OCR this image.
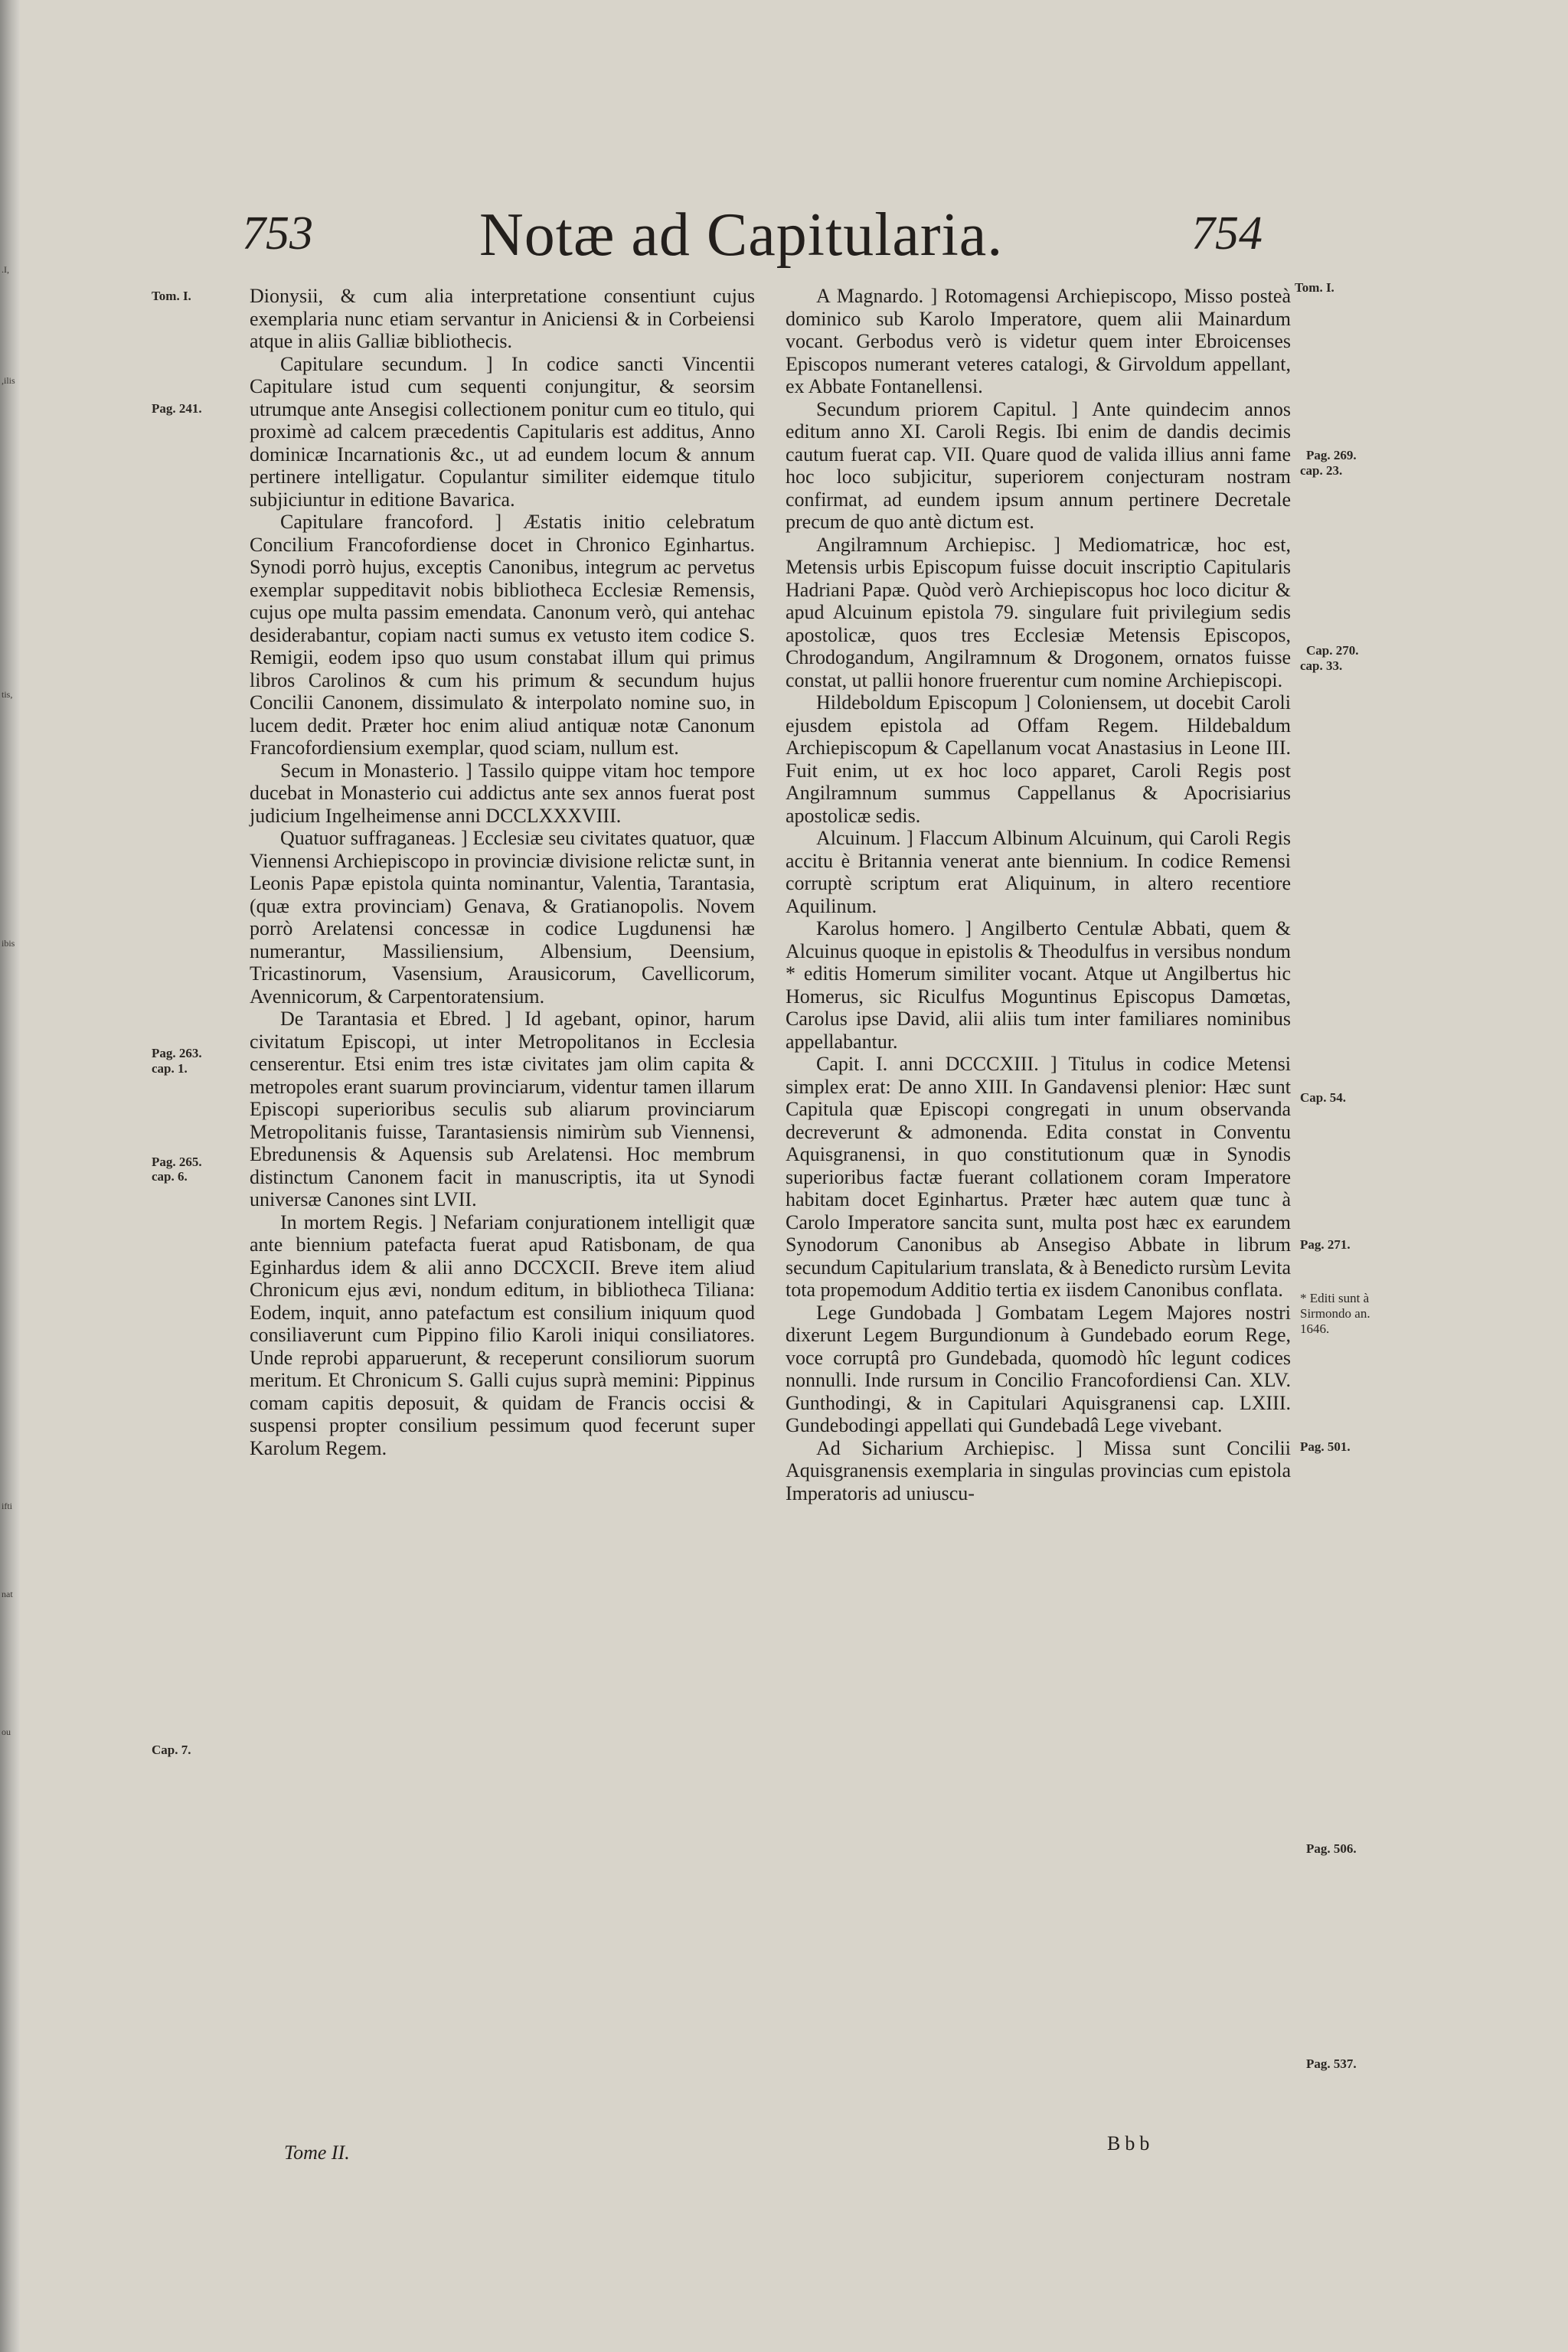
.I,
,ilis
tis,
ibis
ifti
nat
ou
753	Notæ ad Capitularia.	754
Tom. I.
Pag. 241.
Pag. 263.
cap. 1.
Pag. 265.
cap. 6.
Cap. 7.

Dionysii, & cum alia interpretatione consentiunt cujus exemplaria nunc etiam servantur in Aniciensi & in Corbeiensi atque in aliis Galliæ bibliothecis.

Capitulare secundum. ] In codice sancti Vincentii Capitulare istud cum sequenti conjungitur, & seorsim utrumque ante Ansegisi collectionem ponitur cum eo titulo, qui proximè ad calcem præcedentis Capitularis est additus, Anno dominicæ Incarnationis &c., ut ad eundem locum & annum pertinere intelligatur. Copulantur similiter eidemque titulo subjiciuntur in editione Bavarica.

Capitulare francoford. ] Æstatis initio celebratum Concilium Francofordiense docet in Chronico Eginhartus. Synodi porrò hujus, exceptis Canonibus, integrum ac pervetus exemplar suppeditavit nobis bibliotheca Ecclesiæ Remensis, cujus ope multa passim emendata. Canonum verò, qui antehac desiderabantur, copiam nacti sumus ex vetusto item codice S. Remigii, eodem ipso quo usum constabat illum qui primus libros Carolinos & cum his primum & secundum hujus Concilii Canonem, dissimulato & interpolato nomine suo, in lucem dedit. Præter hoc enim aliud antiquæ notæ Canonum Francofordiensium exemplar, quod sciam, nullum est.

Secum in Monasterio. ] Tassilo quippe vitam hoc tempore ducebat in Monasterio cui addictus ante sex annos fuerat post judicium Ingelheimense anni DCCLXXXVIII.

Quatuor suffraganeas. ] Ecclesiæ seu civitates quatuor, quæ Viennensi Archiepiscopo in provinciæ divisione relictæ sunt, in Leonis Papæ epistola quinta nominantur, Valentia, Tarantasia, (quæ extra provinciam) Genava, & Gratianopolis. Novem porrò Arelatensi concessæ in codice Lugdunensi hæ numerantur, Massiliensium, Albensium, Deensium, Tricastinorum, Vasensium, Arausicorum, Cavellicorum, Avennicorum, & Carpentoratensium.

De Tarantasia et Ebred. ] Id agebant, opinor, harum civitatum Episcopi, ut inter Metropolitanos in Ecclesia censerentur. Etsi enim tres istæ civitates jam olim capita & metropoles erant suarum provinciarum, videntur tamen illarum Episcopi superioribus seculis sub aliarum provinciarum Metropolitanis fuisse, Tarantasiensis nimirùm sub Viennensi, Ebredunensis & Aquensis sub Arelatensi. Hoc membrum distinctum Canonem facit in manuscriptis, ita ut Synodi universæ Canones sint LVII.

In mortem Regis. ] Nefariam conjurationem intelligit quæ ante biennium patefacta fuerat apud Ratisbonam, de qua Eginhardus idem & alii anno DCCXCII. Breve item aliud Chronicum ejus ævi, nondum editum, in bibliotheca Tiliana: Eodem, inquit, anno patefactum est consilium iniquum quod consiliaverunt cum Pippino filio Karoli iniqui consiliatores. Unde reprobi apparuerunt, & receperunt consiliorum suorum meritum. Et Chronicum S. Galli cujus suprà memini: Pippinus comam capitis deposuit, & quidam de Francis occisi & suspensi propter consilium pessimum quod fecerunt super Karolum Regem.

A Magnardo. ] Rotomagensi Archiepiscopo, Misso posteà dominico sub Karolo Imperatore, quem alii Mainardum vocant. Gerbodus verò is videtur quem inter Ebroicenses Episcopos numerant veteres catalogi, & Girvoldum appellant, ex Abbate Fontanellensi.

Secundum priorem Capitul. ] Ante quindecim annos editum anno XI. Caroli Regis. Ibi enim de dandis decimis cautum fuerat cap. VII. Quare quod de valida illius anni fame hoc loco subjicitur, superiorem conjecturam nostram confirmat, ad eundem ipsum annum pertinere Decretale precum de quo antè dictum est.

Angilramnum Archiepisc. ] Mediomatricæ, hoc est, Metensis urbis Episcopum fuisse docuit inscriptio Capitularis Hadriani Papæ. Quòd verò Archiepiscopus hoc loco dicitur & apud Alcuinum epistola 79. singulare fuit privilegium sedis apostolicæ, quos tres Ecclesiæ Metensis Episcopos, Chrodogandum, Angilramnum & Drogonem, ornatos fuisse constat, ut pallii honore fruerentur cum nomine Archiepiscopi.

Hildeboldum Episcopum ] Coloniensem, ut docebit Caroli ejusdem epistola ad Offam Regem. Hildebaldum Archiepiscopum & Capellanum vocat Anastasius in Leone III. Fuit enim, ut ex hoc loco apparet, Caroli Regis post Angilramnum summus Cappellanus & Apocrisiarius apostolicæ sedis.

Alcuinum. ] Flaccum Albinum Alcuinum, qui Caroli Regis accitu è Britannia venerat ante biennium. In codice Remensi corruptè scriptum erat Aliquinum, in altero recentiore Aquilinum.

Karolus homero. ] Angilberto Centulæ Abbati, quem & Alcuinus quoque in epistolis & Theodulfus in versibus nondum * editis Homerum similiter vocant. Atque ut Angilbertus hic Homerus, sic Riculfus Moguntinus Episcopus Damœtas, Carolus ipse David, alii aliis tum inter familiares nominibus appellabantur.

Capit. I. anni DCCCXIII. ] Titulus in codice Metensi simplex erat: De anno XIII. In Gandavensi plenior: Hæc sunt Capitula quæ Episcopi congregati in unum observanda decreverunt & admonenda. Edita constat in Conventu Aquisgranensi, in quo constitutionum quæ in Synodis superioribus factæ fuerant collationem coram Imperatore habitam docet Eginhartus. Præter hæc autem quæ tunc à Carolo Imperatore sancita sunt, multa post hæc ex earundem Synodorum Canonibus ab Ansegiso Abbate in librum secundum Capitularium translata, & à Benedicto rursùm Levita tota propemodum Additio tertia ex iisdem Canonibus conflata.

Lege Gundobada ] Gombatam Legem Majores nostri dixerunt Legem Burgundionum à Gundebado eorum Rege, voce corruptâ pro Gundebada, quomodò hîc legunt codices nonnulli. Inde rursum in Concilio Francofordiensi Can. XLV. Gunthodingi, & in Capitulari Aquisgranensi cap. LXIII. Gundebodingi appellati qui Gundebadâ Lege vivebant.

Ad Sicharium Archiepisc. ] Missa sunt Concilii Aquisgranensis exemplaria in singulas provincias cum epistola Imperatoris ad uniuscu-

Tom. I.
Pag. 269.
cap. 23.
Cap. 270.
cap. 33.
Cap. 54.
Pag. 271.
* Editi sunt à Sirmondo an. 1646.
Pag. 501.
Pag. 506.
Pag. 537.
Tome II.	Bbb
